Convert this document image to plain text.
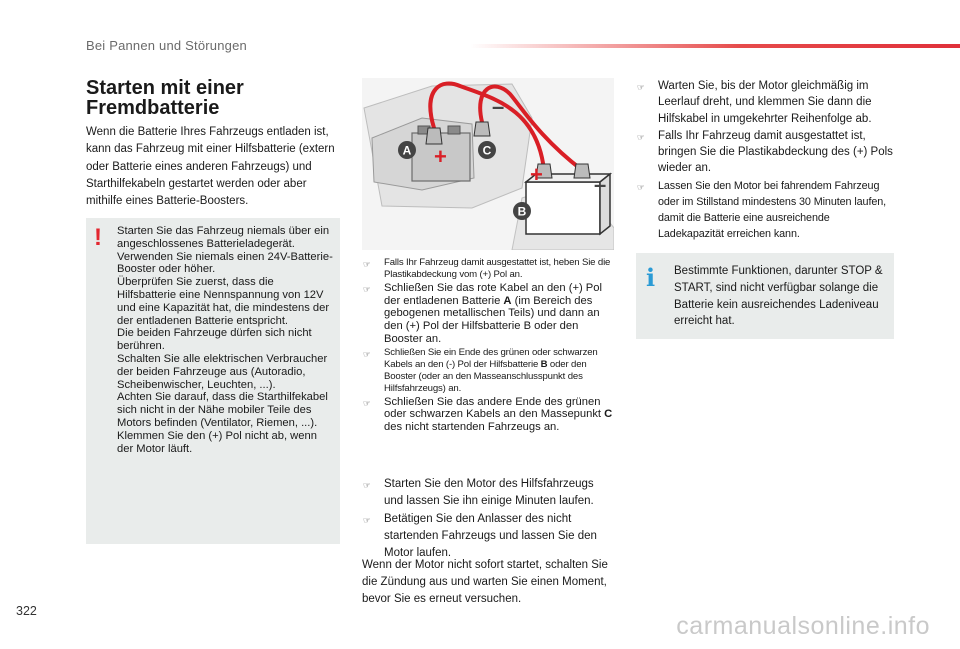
Bei Pannen und Störungen
Starten mit einer Fremdbatterie

Wenn die Batterie Ihres Fahrzeugs entladen ist, kann das Fahrzeug mit einer Hilfsbatterie (extern oder Batterie eines anderen Fahrzeugs) und Starthilfekabeln gestartet werden oder aber mithilfe eines Batterie-Boosters.

! Starten Sie das Fahrzeug niemals über ein angeschlossenes Batterieladegerät.
Verwenden Sie niemals einen 24V-Batterie-Booster oder höher.
Überprüfen Sie zuerst, dass die Hilfsbatterie eine Nennspannung von 12V und eine Kapazität hat, die mindestens der der entladenen Batterie entspricht.
Die beiden Fahrzeuge dürfen sich nicht berühren.
Schalten Sie alle elektrischen Verbraucher der beiden Fahrzeuge aus (Autoradio, Scheibenwischer, Leuchten, ...).
Achten Sie darauf, dass die Starthilfekabel sich nicht in der Nähe mobiler Teile des Motors befinden (Ventilator, Riemen, ...).
Klemmen Sie den (+) Pol nicht ab, wenn der Motor läuft.

+
–
+ –
A	C
B
☞ Falls Ihr Fahrzeug damit ausgestattet ist, heben Sie die Plastikabdeckung vom (+) Pol an.
☞ Schließen Sie das rote Kabel an den (+) Pol der entladenen Batterie A (im Bereich des gebogenen metallischen Teils) und dann an den (+) Pol der Hilfsbatterie B oder den Booster an.
☞ Schließen Sie ein Ende des grünen oder schwarzen Kabels an den (-) Pol der Hilfsbatterie B oder den Booster (oder an den Masseanschlusspunkt des Hilfsfahrzeugs) an.
☞ Schließen Sie das andere Ende des grünen oder schwarzen Kabels an den Massepunkt C des nicht startenden Fahrzeugs an.
☞ Starten Sie den Motor des Hilfsfahrzeugs und lassen Sie ihn einige Minuten laufen.
☞ Betätigen Sie den Anlasser des nicht startenden Fahrzeugs und lassen Sie den Motor laufen.

Wenn der Motor nicht sofort startet, schalten Sie die Zündung aus und warten Sie einen Moment, bevor Sie es erneut versuchen.

☞ Warten Sie, bis der Motor gleichmäßig im Leerlauf dreht, und klemmen Sie dann die Hilfskabel in umgekehrter Reihenfolge ab.
☞ Falls Ihr Fahrzeug damit ausgestattet ist, bringen Sie die Plastikabdeckung des (+) Pols wieder an.
☞ Lassen Sie den Motor bei fahrendem Fahrzeug oder im Stillstand mindestens 30 Minuten laufen, damit die Batterie eine ausreichende Ladekapazität erreichen kann.
i Bestimmte Funktionen, darunter STOP & START, sind nicht verfügbar solange die Batterie kein ausreichendes Ladeniveau erreicht hat.

322
carmanualsonline.info
